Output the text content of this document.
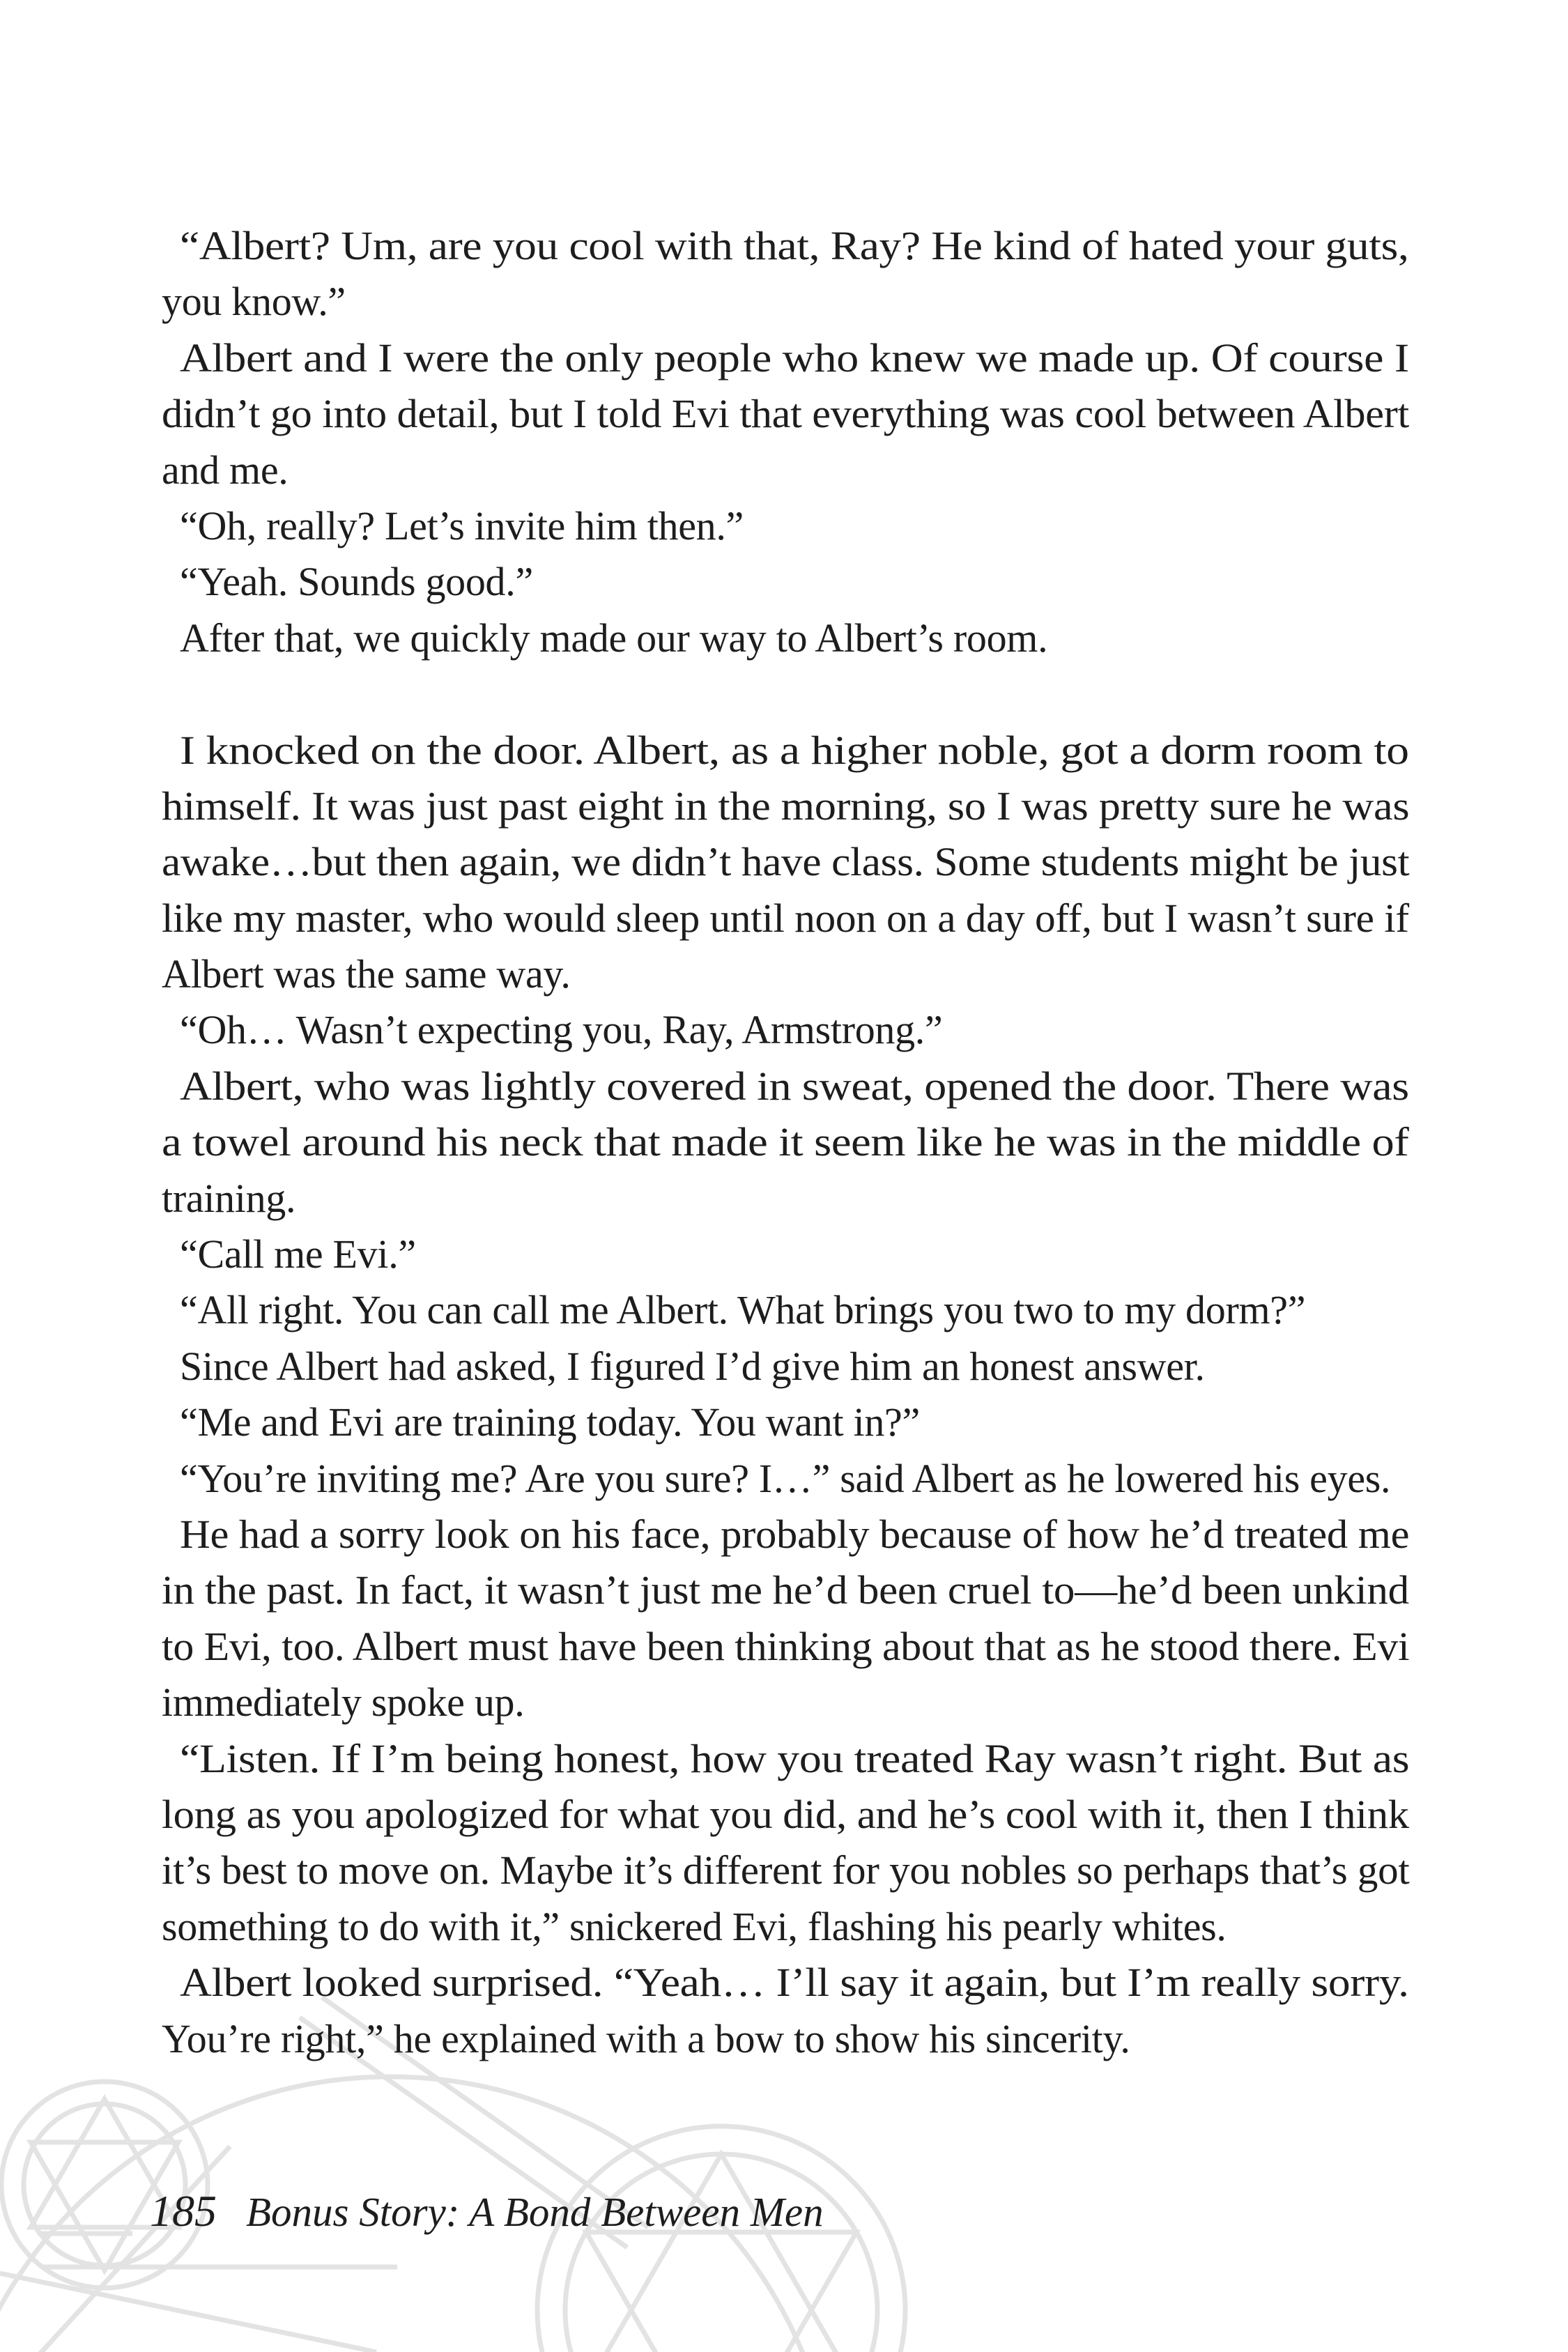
“Albert? Um, are you cool with that, Ray? He kind of hated your guts,
you know.”
Albert and I were the only people who knew we made up. Of course I
didn’t go into detail, but I told Evi that everything was cool between Albert
and me.
“Oh, really? Let’s invite him then.”
“Yeah. Sounds good.”
After that, we quickly made our way to Albert’s room.
I knocked on the door. Albert, as a higher noble, got a dorm room to
himself. It was just past eight in the morning, so I was pretty sure he was
awake…but then again, we didn’t have class. Some students might be just
like my master, who would sleep until noon on a day off, but I wasn’t sure if
Albert was the same way.
“Oh… Wasn’t expecting you, Ray, Armstrong.”
Albert, who was lightly covered in sweat, opened the door. There was
a towel around his neck that made it seem like he was in the middle of
training.
“Call me Evi.”
“All right. You can call me Albert. What brings you two to my dorm?”
Since Albert had asked, I figured I’d give him an honest answer.
“Me and Evi are training today. You want in?”
“You’re inviting me? Are you sure? I…” said Albert as he lowered his eyes.
He had a sorry look on his face, probably because of how he’d treated me
in the past. In fact, it wasn’t just me he’d been cruel to—he’d been unkind
to Evi, too. Albert must have been thinking about that as he stood there. Evi
immediately spoke up.
“Listen. If I’m being honest, how you treated Ray wasn’t right. But as
long as you apologized for what you did, and he’s cool with it, then I think
it’s best to move on. Maybe it’s different for you nobles so perhaps that’s got
something to do with it,” snickered Evi, flashing his pearly whites.
Albert looked surprised. “Yeah… I’ll say it again, but I’m really sorry.
You’re right,” he explained with a bow to show his sincerity.
185 Bonus Story: A Bond Between Men
